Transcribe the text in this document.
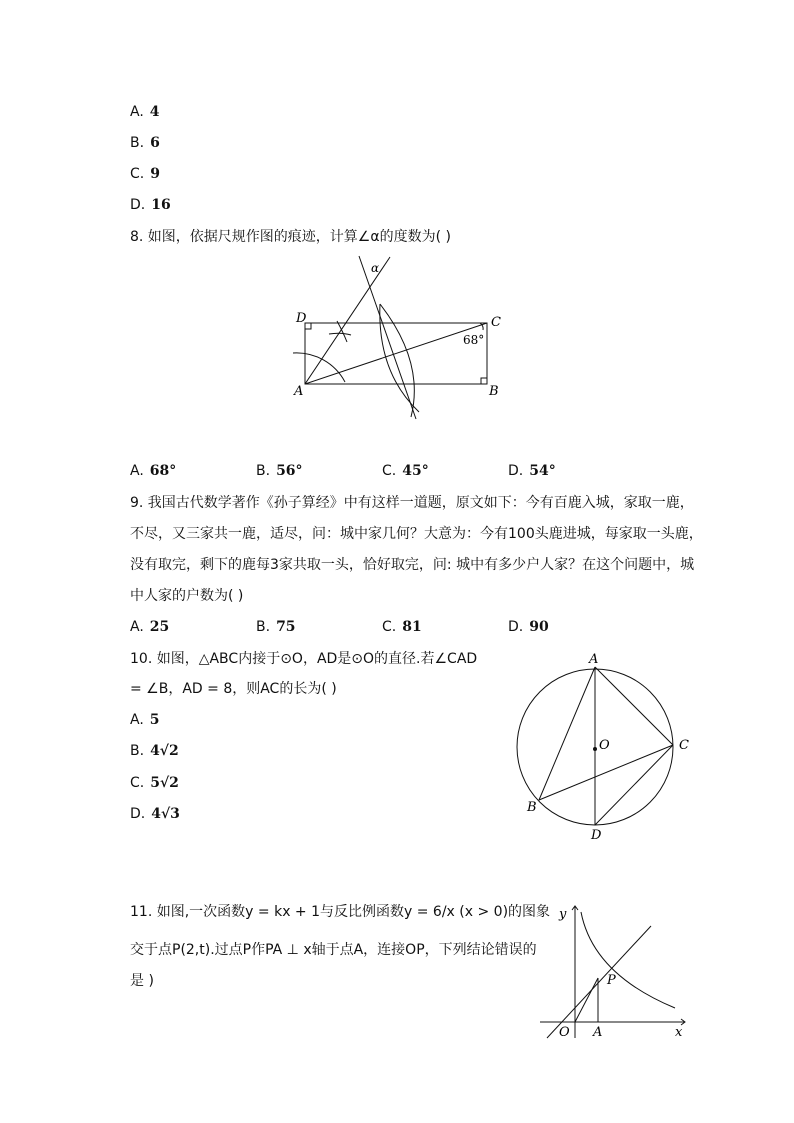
A. 4
B. 6
C. 9
D. 16
8. 如图，依据尺规作图的痕迹，计算∠α的度数为( )
D	C
A	B
α
68°
A. 68°	B. 56°	C. 45°	D. 54°
9. 我国古代数学著作《孙子算经》中有这样一道题，原文如下：今有百鹿入城，家取一鹿，
不尽，又三家共一鹿，适尽，问：城中家几何？大意为：今有100头鹿进城，每家取一头鹿，
没有取完，剩下的鹿每3家共取一头，恰好取完，问: 城中有多少户人家？在这个问题中，城
中人家的户数为( )
A. 25	B. 75	C. 81	D. 90
10. 如图，△ABC内接于⊙O，AD是⊙O的直径.若∠CAD
= ∠B，AD = 8，则AC的长为( )
A. 5
B. 4√2
C. 5√2
D. 4√3
A
C
B
D
O
11. 如图,一次函数y = kx + 1与反比例函数y = 6/x (x > 0)的图象
交于点P(2,t).过点P作PA ⊥ x轴于点A，连接OP，下列结论错误的
是 )
y
x
O A
P
